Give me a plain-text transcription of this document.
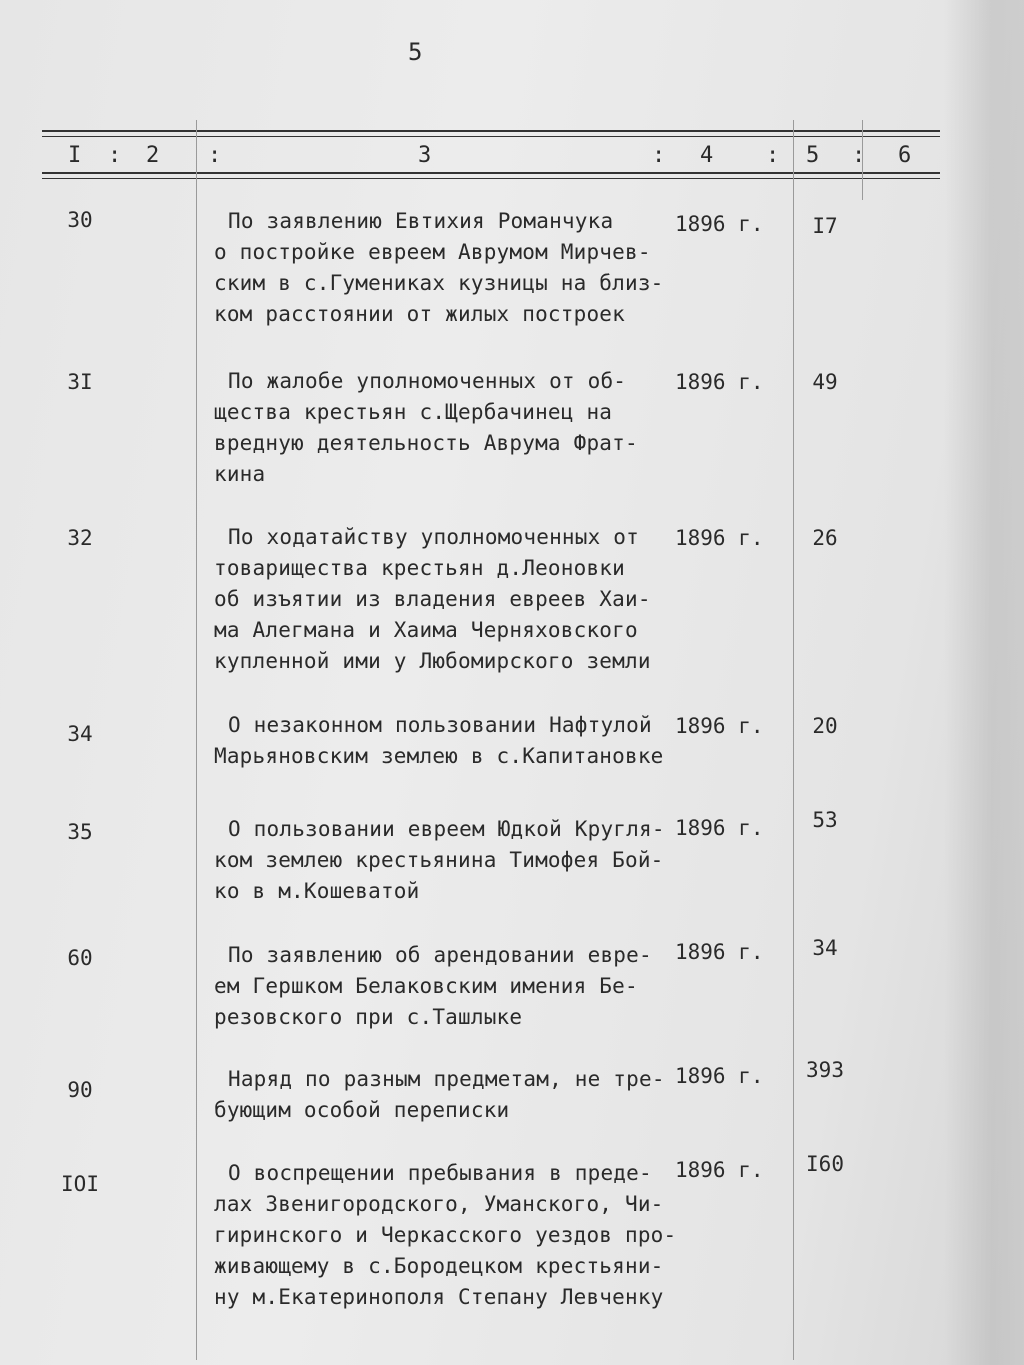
5
I : 2 :	3	: 4 : 5 : 6
30	По заявлению Евтихия Романчука
о постройке евреем Аврумом Мирчев-
ским в с.Гумениках кузницы на близ-
ком расстоянии от жилых построек
1896 г.	I7
3I	По жалобе уполномоченных от об-
щества крестьян с.Щербачинец на
вредную деятельность Аврума Фрат-
кина
1896 г.	49
32	По ходатайству уполномоченных от
товарищества крестьян д.Леоновки
об изъятии из владения евреев Хаи-
ма Алегмана и Хаима Черняховского
купленной ими у Любомирского земли
1896 г.	26
34	О незаконном пользовании Нафтулой
Марьяновским землею в с.Капитановке
1896 г.	20
35	О пользовании евреем Юдкой Кругля-
ком землею крестьянина Тимофея Бой-
ко в м.Кошеватой
1896 г.	53
60	По заявлению об арендовании евре-
ем Гершком Белаковским имения Бе-
резовского при с.Ташлыке
1896 г.	34
90	Наряд по разным предметам, не тре-
бующим особой переписки
1896 г.	393
IOI	О воспрещении пребывания в преде-
лах Звенигородского, Уманского, Чи-
гиринского и Черкасского уездов про-
живающему в с.Бородецком крестьяни-
ну м.Екатеринополя Степану Левченку
1896 г.	I60
